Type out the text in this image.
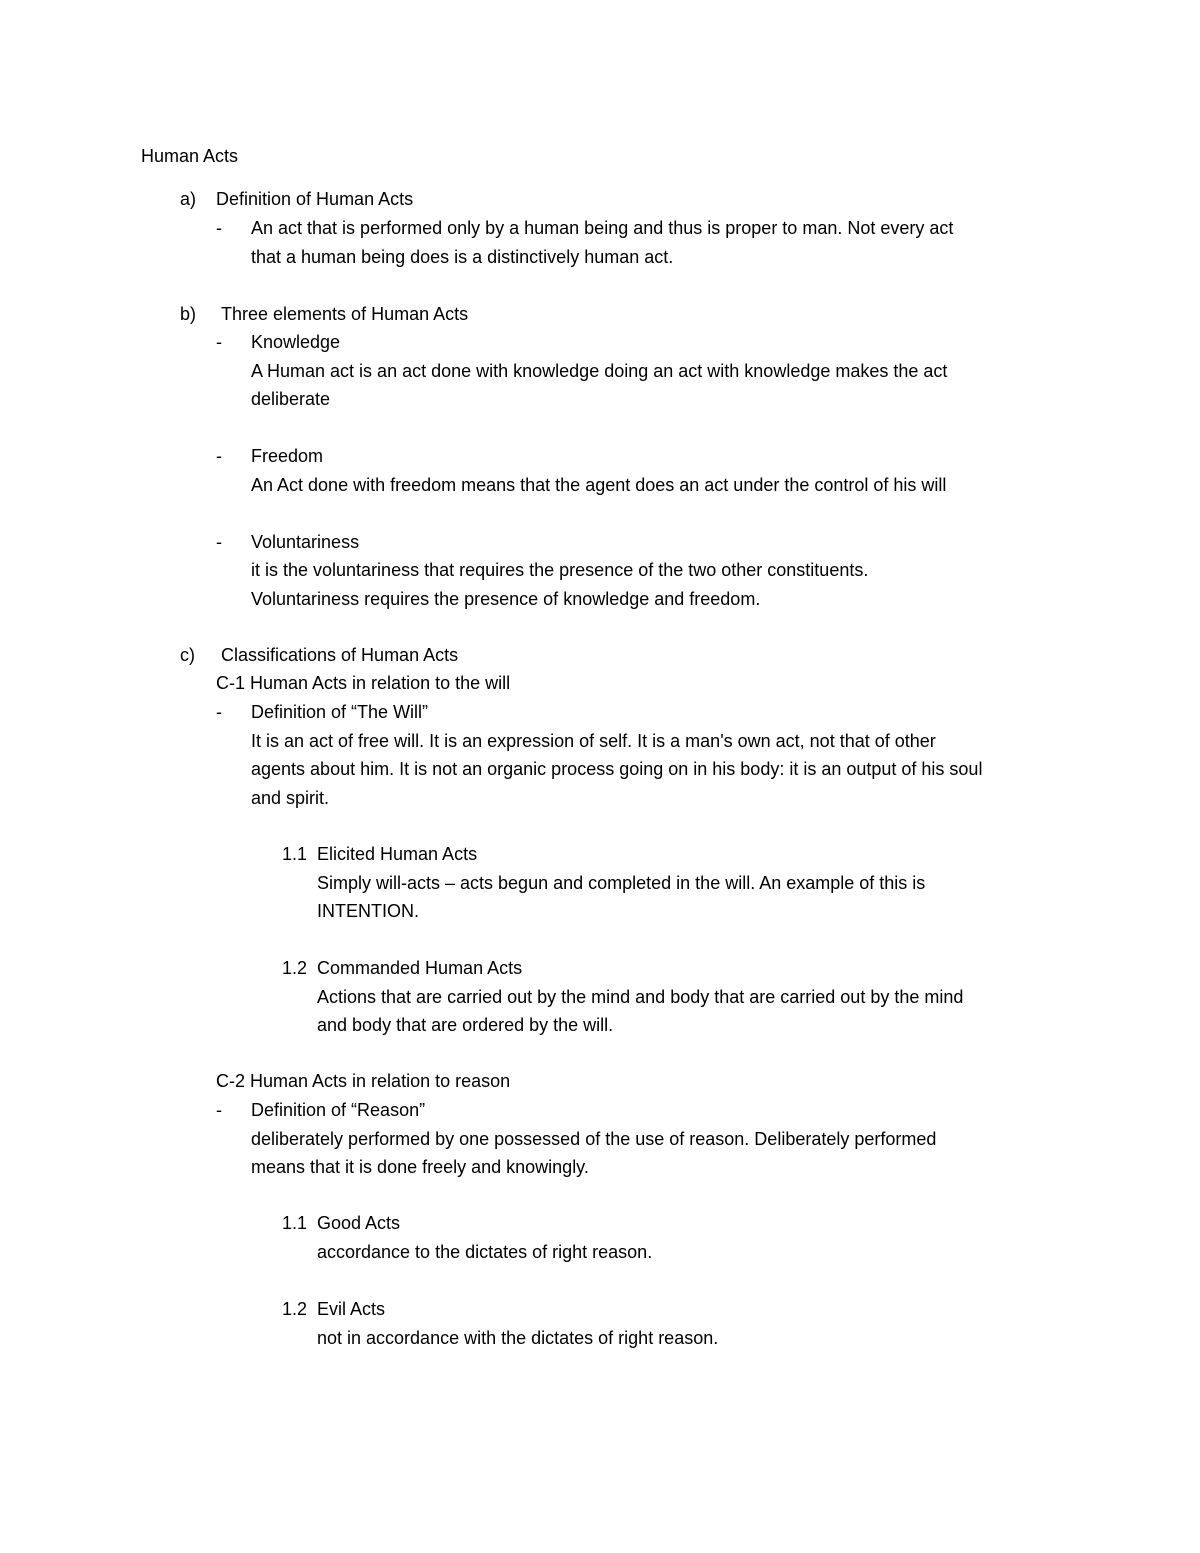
Human Acts

a) Definition of Human Acts

- An act that is performed only by a human being and thus is proper to man. Not every act

that a human being does is a distinctively human act.

b) Three elements of Human Acts

- Knowledge

A Human act is an act done with knowledge doing an act with knowledge makes the act

deliberate

- Freedom

An Act done with freedom means that the agent does an act under the control of his will

- Voluntariness

it is the voluntariness that requires the presence of the two other constituents.

Voluntariness requires the presence of knowledge and freedom.

c) Classifications of Human Acts

C-1 Human Acts in relation to the will

- Definition of “The Will”

It is an act of free will. It is an expression of self. It is a man's own act, not that of other

agents about him. It is not an organic process going on in his body: it is an output of his soul

and spirit.

1.1 Elicited Human Acts

Simply will-acts – acts begun and completed in the will. An example of this is

INTENTION.

1.2 Commanded Human Acts

Actions that are carried out by the mind and body that are carried out by the mind

and body that are ordered by the will.

C-2 Human Acts in relation to reason

- Definition of “Reason”

deliberately performed by one possessed of the use of reason. Deliberately performed

means that it is done freely and knowingly.

1.1 Good Acts

accordance to the dictates of right reason.

1.2 Evil Acts

not in accordance with the dictates of right reason.
